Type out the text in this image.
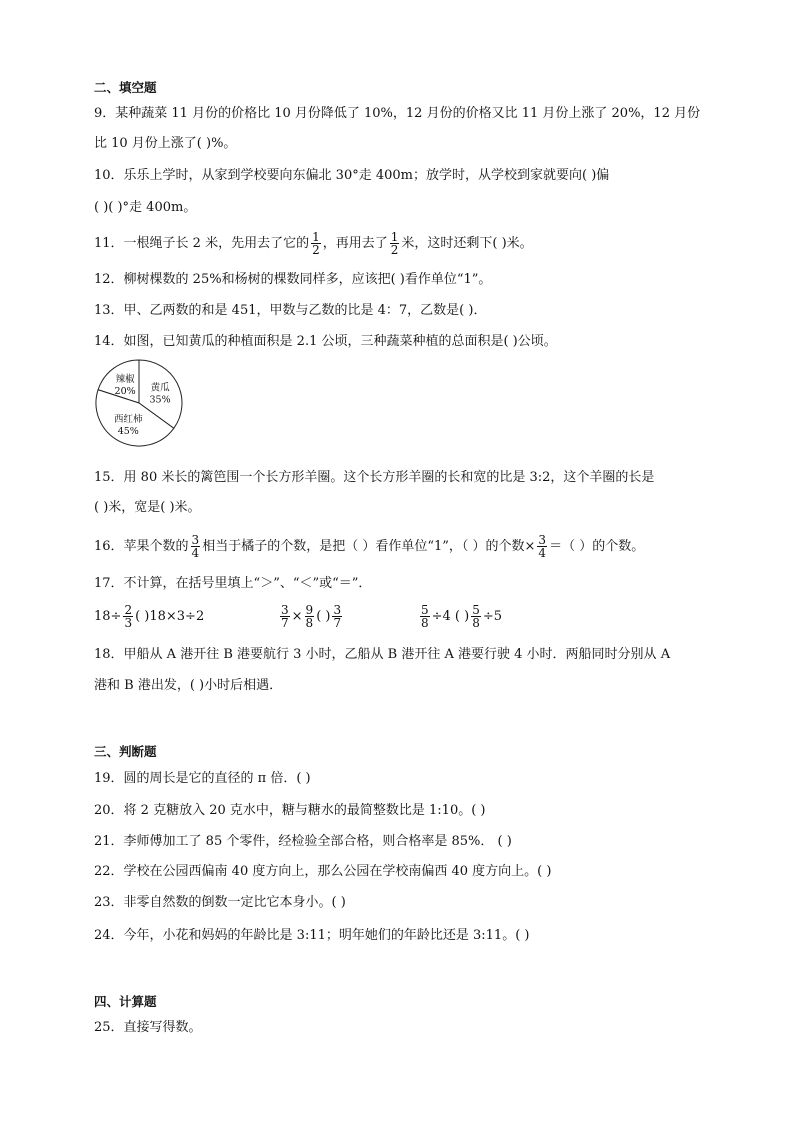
二、填空题
9．某种蔬菜 11 月份的价格比 10 月份降低了 10%，12 月份的价格又比 11 月份上涨了 20%，12 月份
比 10 月份上涨了( )%。
10．乐乐上学时，从家到学校要向东偏北 30°走 400m；放学时，从学校到家就要向( )偏
( )( )°走 400m。
11．一根绳子长 2 米，先用去了它的 $\frac{1}{2}$ ，再用去了 $\frac{1}{2}$ 米，这时还剩下( )米。
12．柳树棵数的 25%和杨树的棵数同样多，应该把( )看作单位“1”。
13．甲、乙两数的和是 451，甲数与乙数的比是 4：7，乙数是( )．
14．如图，已知黄瓜的种植面积是 2.1 公顷，三种蔬菜种植的总面积是( )公顷。
辣椒
20% 黄瓜
35%
西红柿
45%
15．用 80 米长的篱笆围一个长方形羊圈。这个长方形羊圈的长和宽的比是 3:2，这个羊圈的长是
( )米，宽是( )米。
16．苹果个数的 $\frac{3}{4}$ 相当于橘子的个数，是把（ ）看作单位“1”，（ ）的个数× $\frac{3}{4}$ ＝（ ）的个数。
17．不计算，在括号里填上“＞”、“＜”或“＝”．
$18\div \frac{2}{3}$ ( )18×3÷2	$\frac{3}{7} \times \frac{9}{8}$ ( ) $\frac{3}{7}$	$\frac{5}{8} \div 4$ ( ) $\frac{5}{8} \div 5$
18．甲船从 A 港开往 B 港要航行 3 小时，乙船从 B 港开往 A 港要行驶 4 小时．两船同时分别从 A
港和 B 港出发，( )小时后相遇．
三、判断题
19．圆的周长是它的直径的 π 倍．( )
20．将 2 克糖放入 20 克水中，糖与糖水的最简整数比是 1:10。( )
21．李师傅加工了 85 个零件，经检验全部合格，则合格率是 85%． ( )
22．学校在公园西偏南 40 度方向上，那么公园在学校南偏西 40 度方向上。( )
23．非零自然数的倒数一定比它本身小。( )
24．今年，小花和妈妈的年龄比是 3:11；明年她们的年龄比还是 3:11。( )
四、计算题
25．直接写得数。
